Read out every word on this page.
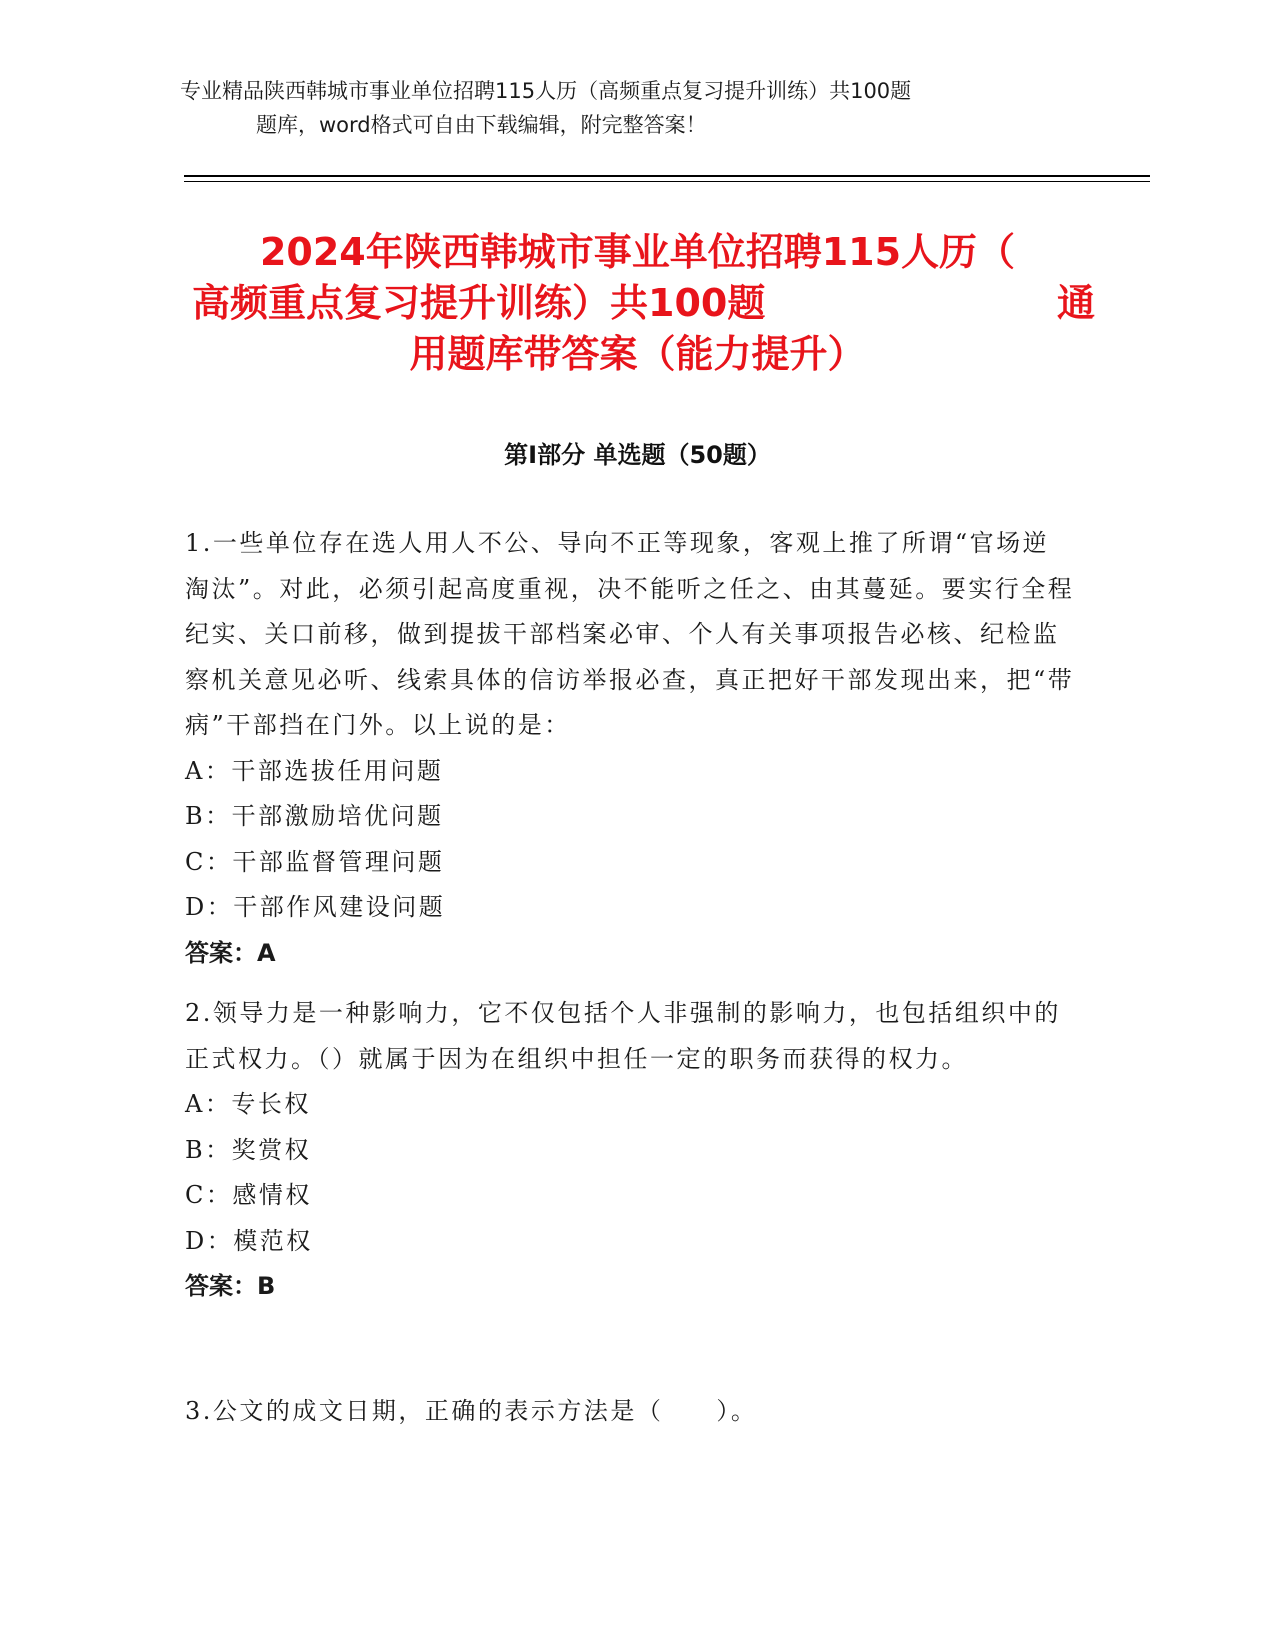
专业精品陕西韩城市事业单位招聘115人历（高频重点复习提升训练）共100题
题库，word格式可自由下载编辑，附完整答案！
2024年陕西韩城市事业单位招聘115人历（
高频重点复习提升训练）共100题	通
用题库带答案（能力提升）
第I部分 单选题（50题）
1.一些单位存在选人用人不公、导向不正等现象，客观上推了所谓“官场逆淘汰”。对此，必须引起高度重视，决不能听之任之、由其蔓延。要实行全程纪实、关口前移，做到提拔干部档案必审、个人有关事项报告必核、纪检监察机关意见必听、线索具体的信访举报必查，真正把好干部发现出来，把“带病”干部挡在门外。以上说的是：
A：干部选拔任用问题
B：干部激励培优问题
C：干部监督管理问题
D：干部作风建设问题
答案：A
2.领导力是一种影响力，它不仅包括个人非强制的影响力，也包括组织中的正式权力。（）就属于因为在组织中担任一定的职务而获得的权力。
A：专长权
B：奖赏权
C：感情权
D：模范权
答案：B
3.公文的成文日期，正确的表示方法是（　　）。
